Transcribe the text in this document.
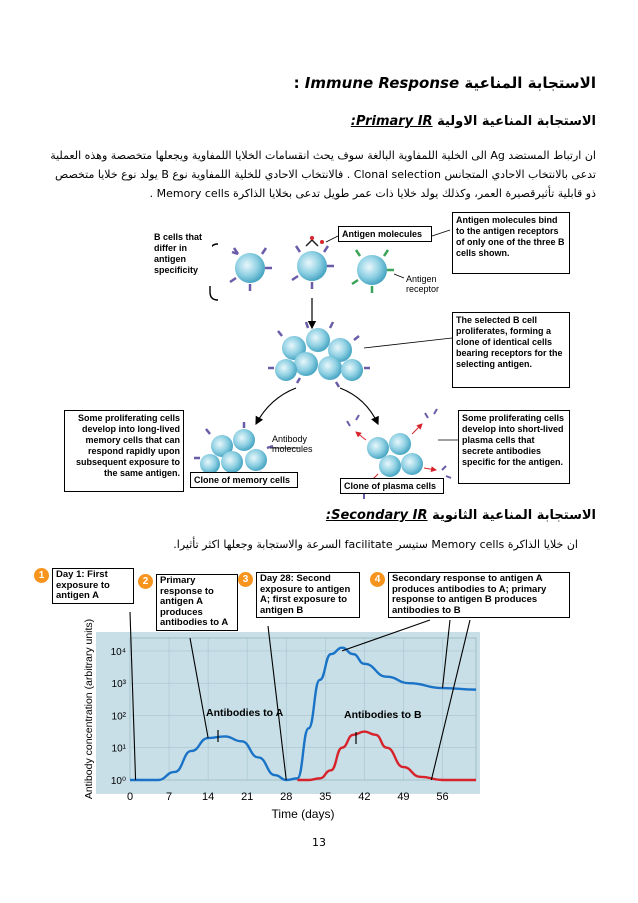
الاستجابة المناعية Immune Response :
الاستجابة المناعية الاولية Primary IR:
ان ارتباط المستضد Ag الى الخلية اللمفاوية البالغة سوف يحث انقسامات الخلايا اللمفاوية ويجعلها متخصصة وهذه العملية
تدعى بالانتخاب الاحادي المتجانس Clonal selection . فالانتخاب الاحادي للخلية اللمفاوية نوع B يولد نوع خلايا متخصص
ذو قابلية تأثيرقصيرة العمر، وكذلك يولد خلايا ذات عمر طويل تدعى بخلايا الذاكرة Memory cells .
B cells that differ in antigen specificity
Antigen molecules
Antigen receptor
Antigen molecules bind to the antigen receptors of only one of the three B cells shown.
The selected B cell proliferates, forming a clone of identical cells bearing receptors for the selecting antigen.
Some proliferating cells develop into long-lived memory cells that can respond rapidly upon subsequent exposure to the same antigen.
Some proliferating cells develop into short-lived plasma cells that secrete antibodies specific for the antigen.
Antibody molecules
Clone of memory cells
Clone of plasma cells
الاستجابة المناعية الثانوية Secondary IR:
ان خلايا الذاكرة Memory cells ستيسر facilitate السرعة والاستجابة وجعلها اكثر تأثيرا.
1	Day 1: First exposure to antigen A
2	Primary response to antigen A produces antibodies to A
3	Day 28: Second exposure to antigen A; first exposure to antigen B
4	Secondary response to antigen A produces antibodies to A; primary response to antigen B produces antibodies to B
0	7	14 21 28 35 42 49 56
10⁰
10¹
10²
10³
10⁴
Time (days)
Antibody concentration (arbitrary units)	Antibodies to A	Antibodies to B
13
